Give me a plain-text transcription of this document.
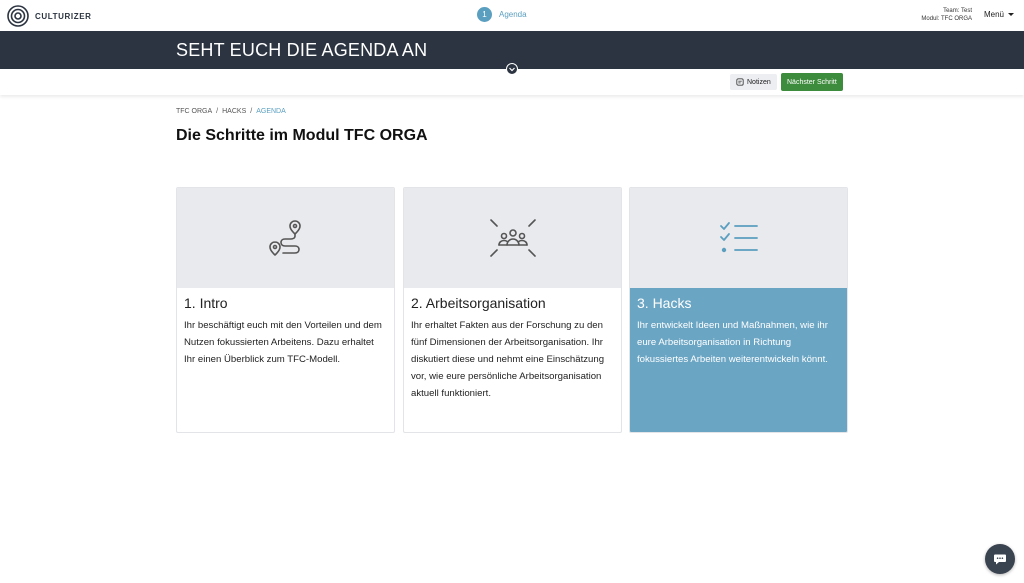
CULTURIZER	1	Agenda	Team: Test
Modul: TFC ORGA Menü
SEHT EUCH DIE AGENDA AN
Notizen Nächster Schritt
TFC ORGA / HACKS / AGENDA
Die Schritte im Modul TFC ORGA
1. Intro
Ihr beschäftigt euch mit den Vorteilen und dem Nutzen fokussierten Arbeitens. Dazu erhaltet Ihr einen Überblick zum TFC-Modell.
2. Arbeitsorganisation
Ihr erhaltet Fakten aus der Forschung zu den fünf Dimensionen der Arbeitsorganisation. Ihr diskutiert diese und nehmt eine Einschätzung vor, wie eure persönliche Arbeitsorganisation aktuell funktioniert.
3. Hacks
Ihr entwickelt Ideen und Maßnahmen, wie ihr eure Arbeitsorganisation in Richtung fokussiertes Arbeiten weiterentwickeln könnt.
